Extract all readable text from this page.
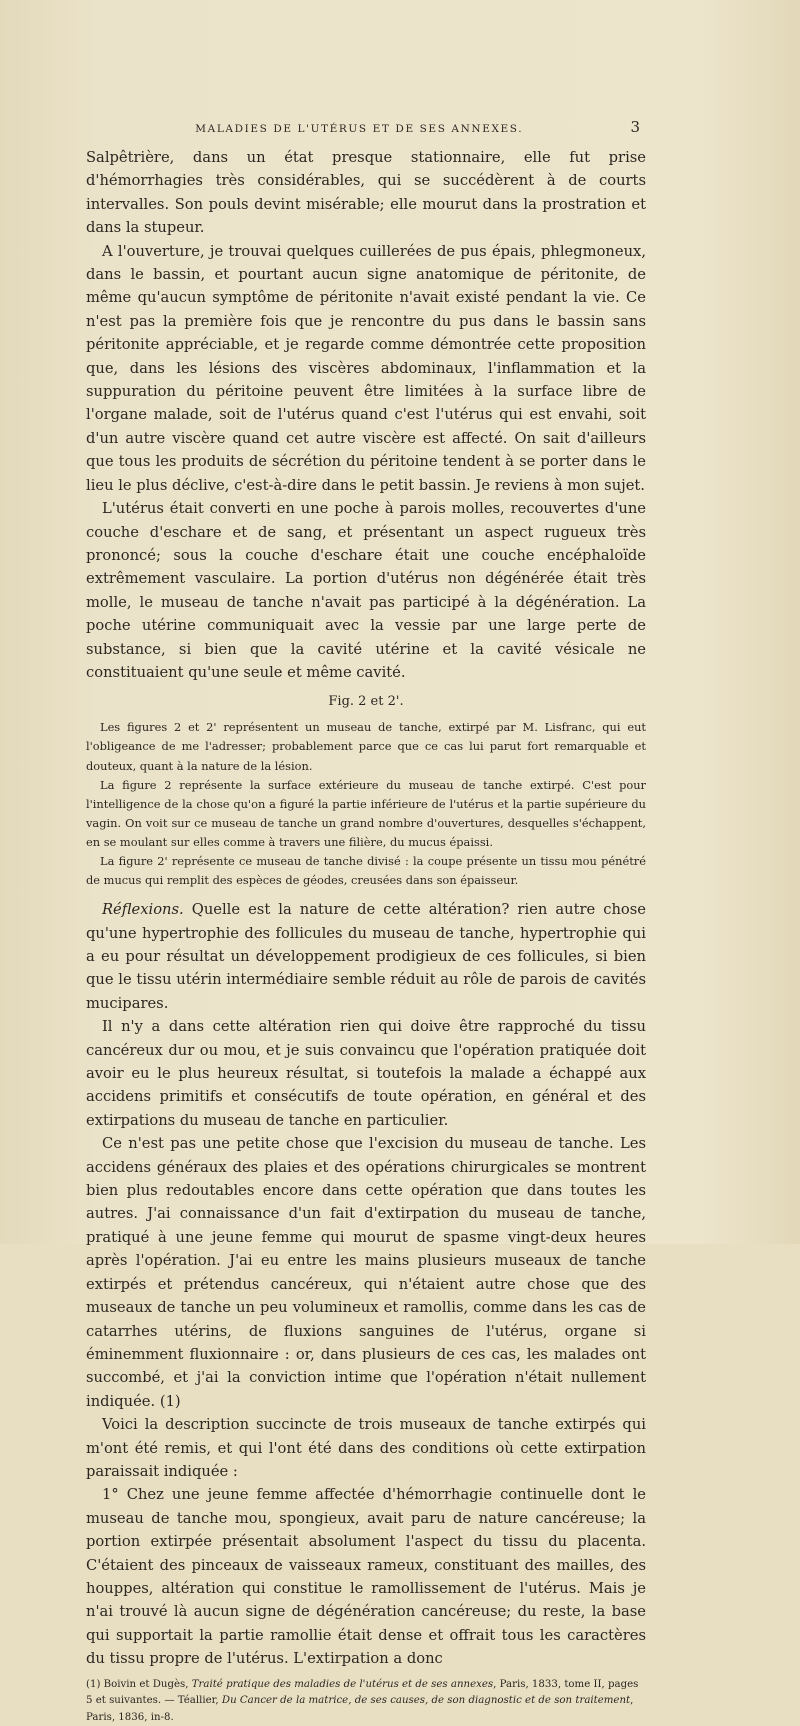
MALADIES DE L'UTÉRUS ET DE SES ANNEXES.	3

Salpêtrière, dans un état presque stationnaire, elle fut prise d'hémorrhagies très considérables, qui se succédèrent à de courts intervalles. Son pouls devint misérable; elle mourut dans la prostration et dans la stupeur.

A l'ouverture, je trouvai quelques cuillerées de pus épais, phlegmoneux, dans le bassin, et pourtant aucun signe anatomique de péritonite, de même qu'aucun symptôme de péritonite n'avait existé pendant la vie. Ce n'est pas la première fois que je rencontre du pus dans le bassin sans péritonite appréciable, et je regarde comme démontrée cette proposition que, dans les lésions des viscères abdominaux, l'inflammation et la suppuration du péritoine peuvent être limitées à la surface libre de l'organe malade, soit de l'utérus quand c'est l'utérus qui est envahi, soit d'un autre viscère quand cet autre viscère est affecté. On sait d'ailleurs que tous les produits de sécrétion du péritoine tendent à se porter dans le lieu le plus déclive, c'est-à-dire dans le petit bassin. Je reviens à mon sujet.

L'utérus était converti en une poche à parois molles, recouvertes d'une couche d'eschare et de sang, et présentant un aspect rugueux très prononcé; sous la couche d'eschare était une couche encéphaloïde extrêmement vasculaire. La portion d'utérus non dégénérée était très molle, le museau de tanche n'avait pas participé à la dégénération. La poche utérine communiquait avec la vessie par une large perte de substance, si bien que la cavité utérine et la cavité vésicale ne constituaient qu'une seule et même cavité.

Fig. 2 et 2'.

Les figures 2 et 2' représentent un museau de tanche, extirpé par M. Lisfranc, qui eut l'obligeance de me l'adresser; probablement parce que ce cas lui parut fort remarquable et douteux, quant à la nature de la lésion.

La figure 2 représente la surface extérieure du museau de tanche extirpé. C'est pour l'intelligence de la chose qu'on a figuré la partie inférieure de l'utérus et la partie supérieure du vagin. On voit sur ce museau de tanche un grand nombre d'ouvertures, desquelles s'échappent, en se moulant sur elles comme à travers une filière, du mucus épaissi.

La figure 2' représente ce museau de tanche divisé : la coupe présente un tissu mou pénétré de mucus qui remplit des espèces de géodes, creusées dans son épaisseur.

Réflexions. Quelle est la nature de cette altération? rien autre chose qu'une hypertrophie des follicules du museau de tanche, hypertrophie qui a eu pour résultat un développement prodigieux de ces follicules, si bien que le tissu utérin intermédiaire semble réduit au rôle de parois de cavités mucipares.

Il n'y a dans cette altération rien qui doive être rapproché du tissu cancéreux dur ou mou, et je suis convaincu que l'opération pratiquée doit avoir eu le plus heureux résultat, si toutefois la malade a échappé aux accidens primitifs et consécutifs de toute opération, en général et des extirpations du museau de tanche en particulier.

Ce n'est pas une petite chose que l'excision du museau de tanche. Les accidens généraux des plaies et des opérations chirurgicales se montrent bien plus redoutables encore dans cette opération que dans toutes les autres. J'ai connaissance d'un fait d'extirpation du museau de tanche, pratiqué à une jeune femme qui mourut de spasme vingt-deux heures après l'opération. J'ai eu entre les mains plusieurs museaux de tanche extirpés et prétendus cancéreux, qui n'étaient autre chose que des museaux de tanche un peu volumineux et ramollis, comme dans les cas de catarrhes utérins, de fluxions sanguines de l'utérus, organe si éminemment fluxionnaire : or, dans plusieurs de ces cas, les malades ont succombé, et j'ai la conviction intime que l'opération n'était nullement indiquée. (1)

Voici la description succincte de trois museaux de tanche extirpés qui m'ont été remis, et qui l'ont été dans des conditions où cette extirpation paraissait indiquée :

1° Chez une jeune femme affectée d'hémorrhagie continuelle dont le museau de tanche mou, spongieux, avait paru de nature cancéreuse; la portion extirpée présentait absolument l'aspect du tissu du placenta. C'étaient des pinceaux de vaisseaux rameux, constituant des mailles, des houppes, altération qui constitue le ramollissement de l'utérus. Mais je n'ai trouvé là aucun signe de dégénération cancéreuse; du reste, la base qui supportait la partie ramollie était dense et offrait tous les caractères du tissu propre de l'utérus. L'extirpation a donc

(1) Boivin et Dugès, Traité pratique des maladies de l'utérus et de ses annexes, Paris, 1833, tome II, pages 5 et suivantes. — Téallier, Du Cancer de la matrice, de ses causes, de son diagnostic et de son traitement, Paris, 1836, in-8.
